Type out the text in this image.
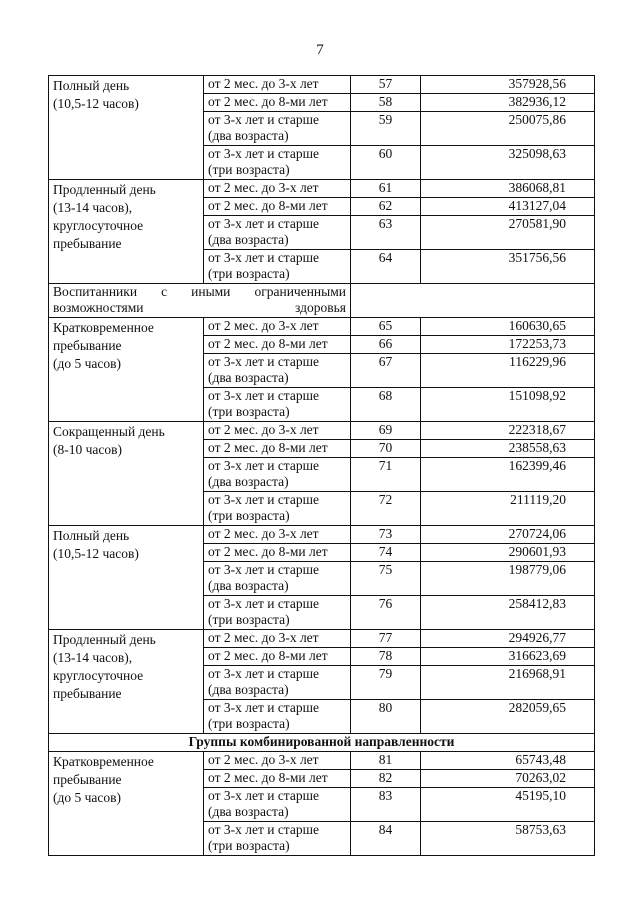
7
Полный день
(10,5-12 часов)	от 2 мес. до 3-х лет	57	357928,56
	от 2 мес. до 8-ми лет	58	382936,12
	от 3-х лет и старше
(два возраста)	59	250075,86
	от 3-х лет и старше
(три возраста)	60	325098,63
Продленный день
(13-14 часов),
круглосуточное
пребывание	от 2 мес. до 3-х лет	61	386068,81
	от 2 мес. до 8-ми лет	62	413127,04
	от 3-х лет и старше
(два возраста)	63	270581,90
	от 3-х лет и старше
(три возраста)	64	351756,56
Воспитанники с иными ограниченными возможностями здоровья			
Кратковременное
пребывание
(до 5 часов)	от 2 мес. до 3-х лет	65	160630,65
	от 2 мес. до 8-ми лет	66	172253,73
	от 3-х лет и старше
(два возраста)	67	116229,96
	от 3-х лет и старше
(три возраста)	68	151098,92
Сокращенный день
(8-10 часов)	от 2 мес. до 3-х лет	69	222318,67
	от 2 мес. до 8-ми лет	70	238558,63
	от 3-х лет и старше
(два возраста)	71	162399,46
	от 3-х лет и старше
(три возраста)	72	211119,20
Полный день
(10,5-12 часов)	от 2 мес. до 3-х лет	73	270724,06
	от 2 мес. до 8-ми лет	74	290601,93
	от 3-х лет и старше
(два возраста)	75	198779,06
	от 3-х лет и старше
(три возраста)	76	258412,83
Продленный день
(13-14 часов),
круглосуточное
пребывание	от 2 мес. до 3-х лет	77	294926,77
	от 2 мес. до 8-ми лет	78	316623,69
	от 3-х лет и старше
(два возраста)	79	216968,91
	от 3-х лет и старше
(три возраста)	80	282059,65
Группы комбинированной направленности			
Кратковременное
пребывание
(до 5 часов)	от 2 мес. до 3-х лет	81	65743,48
	от 2 мес. до 8-ми лет	82	70263,02
	от 3-х лет и старше
(два возраста)	83	45195,10
	от 3-х лет и старше
(три возраста)	84	58753,63
